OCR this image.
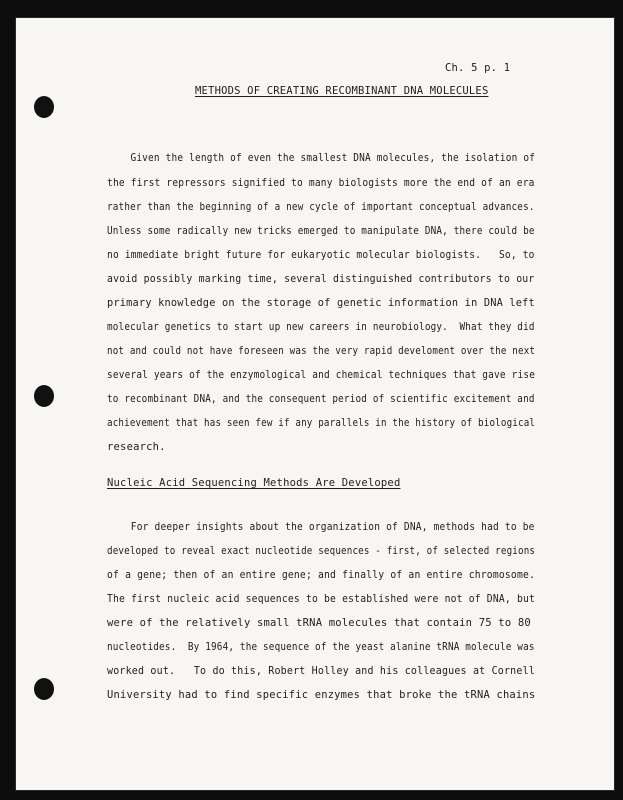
Ch. 5 p. 1
METHODS OF CREATING RECOMBINANT DNA MOLECULES
Given the length of even the smallest DNA molecules, the isolation of
the first repressors signified to many biologists more the end of an era
rather than the beginning of a new cycle of important conceptual advances.
Unless some radically new tricks emerged to manipulate DNA, there could be
no immediate bright future for eukaryotic molecular biologists.   So, to
avoid possibly marking time, several distinguished contributors to our
primary knowledge on the storage of genetic information in DNA left
molecular genetics to start up new careers in neurobiology.  What they did
not and could not have foreseen was the very rapid develoment over the next
several years of the enzymological and chemical techniques that gave rise
to recombinant DNA, and the consequent period of scientific excitement and
achievement that has seen few if any parallels in the history of biological
research.
Nucleic Acid Sequencing Methods Are Developed
For deeper insights about the organization of DNA, methods had to be
developed to reveal exact nucleotide sequences - first, of selected regions
of a gene; then of an entire gene; and finally of an entire chromosome.
The first nucleic acid sequences to be established were not of DNA, but
were of the relatively small tRNA molecules that contain 75 to 80
nucleotides.  By 1964, the sequence of the yeast alanine tRNA molecule was
worked out.   To do this, Robert Holley and his colleagues at Cornell
University had to find specific enzymes that broke the tRNA chains
